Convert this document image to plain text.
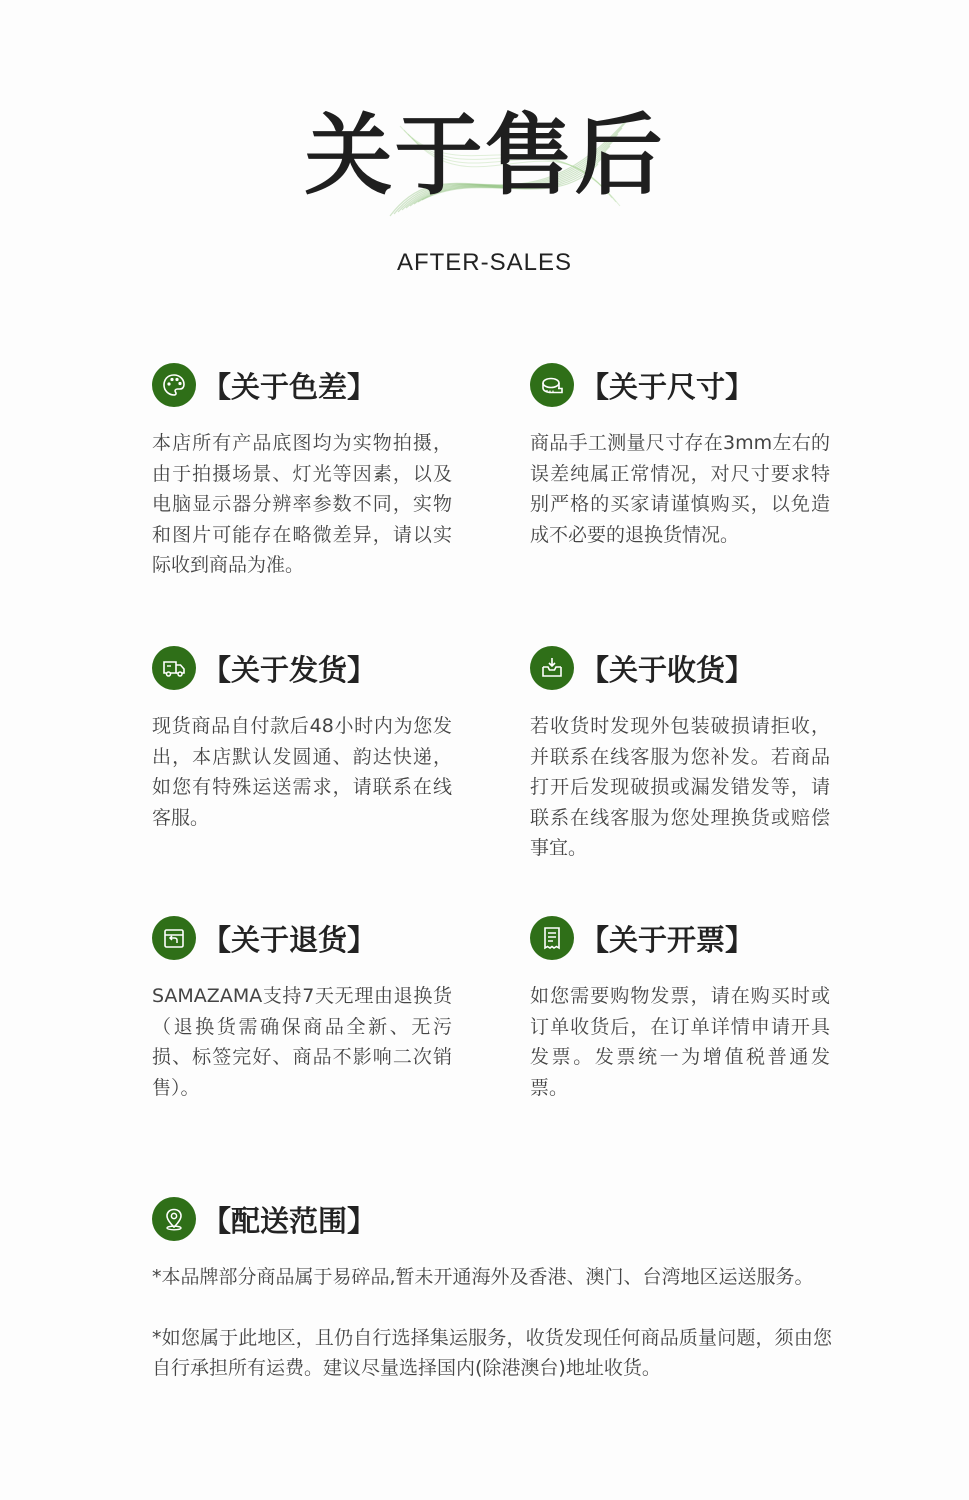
关于售后
AFTER-SALES
【关于色差】

本店所有产品底图均为实物拍摄，由于拍摄场景、灯光等因素，以及电脑显示器分辨率参数不同，实物和图片可能存在略微差异，请以实际收到商品为准。

【关于尺寸】

商品手工测量尺寸存在3mm左右的误差纯属正常情况，对尺寸要求特别严格的买家请谨慎购买，以免造成不必要的退换货情况。

【关于发货】

现货商品自付款后48小时内为您发出，本店默认发圆通、韵达快递，如您有特殊运送需求，请联系在线客服。

【关于收货】

若收货时发现外包装破损请拒收，并联系在线客服为您补发。若商品打开后发现破损或漏发错发等，请联系在线客服为您处理换货或赔偿事宜。

【关于退货】

SAMAZAMA支持7天无理由退换货（退换货需确保商品全新、无污损、标签完好、商品不影响二次销售）。

【关于开票】

如您需要购物发票，请在购买时或订单收货后，在订单详情申请开具发票。发票统一为增值税普通发票。

【配送范围】

*本品牌部分商品属于易碎品,暂未开通海外及香港、澳门、台湾地区运送服务。

*如您属于此地区，且仍自行选择集运服务，收货发现任何商品质量问题，须由您自行承担所有运费。建议尽量选择国内(除港澳台)地址收货。
